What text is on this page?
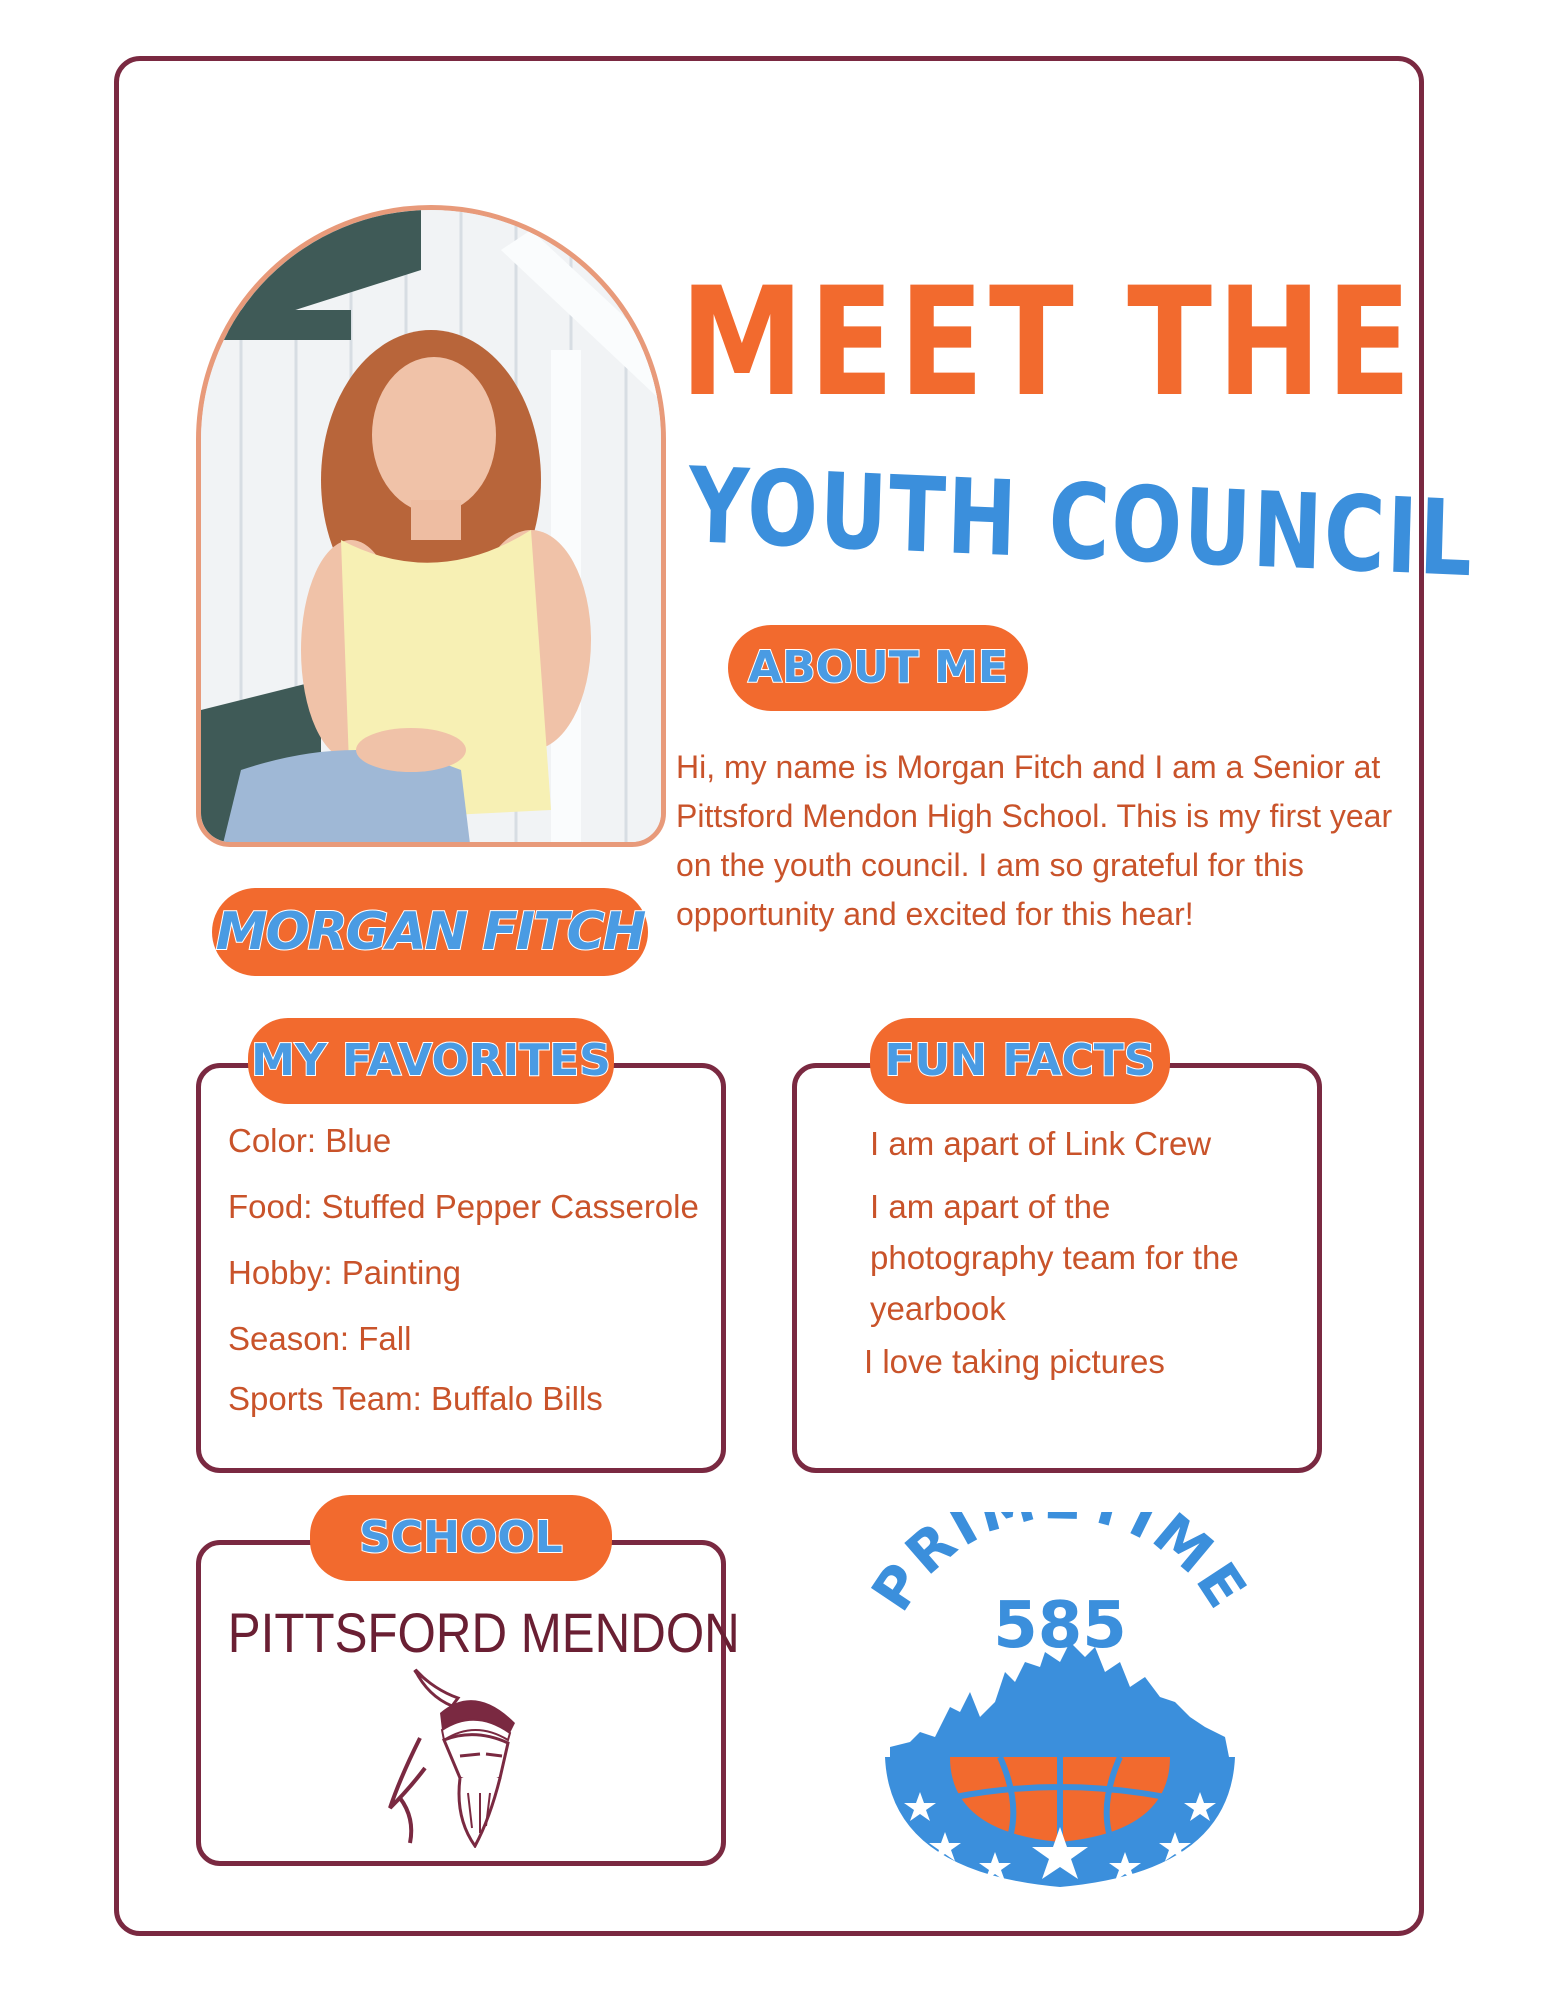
MEET THE
YOUTH COUNCIL
ABOUT ME
Hi, my name is Morgan Fitch and I am a Senior at Pittsford Mendon High School. This is my first year on the youth council. I am so grateful for this opportunity and excited for this hear!
MORGAN FITCH
MY FAVORITES
Color: Blue
Food: Stuffed Pepper Casserole
Hobby: Painting
Season: Fall
Sports Team: Buffalo Bills
FUN FACTS
I am apart of Link Crew
I am apart of the photography team for the yearbook
I love taking pictures
SCHOOL
PITTSFORD MENDON
PRI IME
585
